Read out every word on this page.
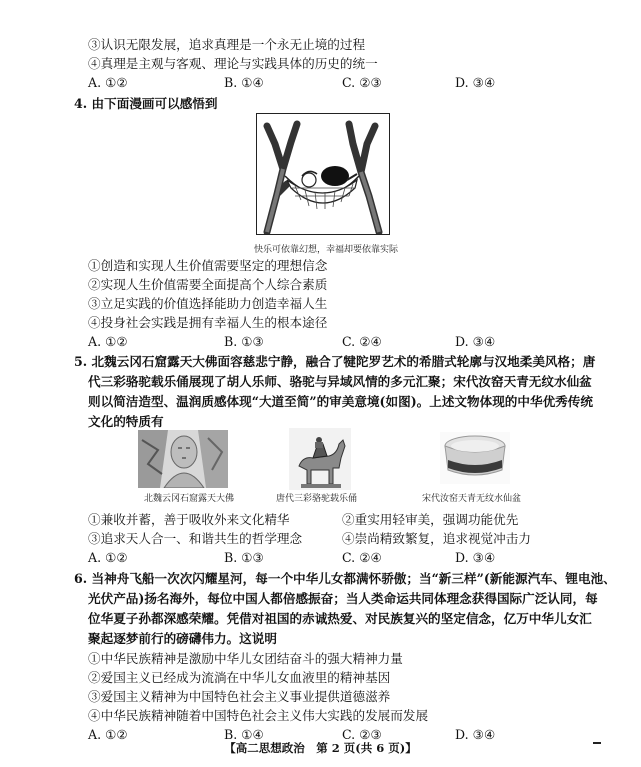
③认识无限发展，追求真理是一个永无止境的过程
④真理是主观与客观、理论与实践具体的历史的统一
A. ①②	B. ①④	C. ②③	D. ③④
4. 由下面漫画可以感悟到
快乐可依靠幻想，幸福却要依靠实际
①创造和实现人生价值需要坚定的理想信念
②实现人生价值需要全面提高个人综合素质
③立足实践的价值选择能助力创造幸福人生
④投身社会实践是拥有幸福人生的根本途径
A. ①②	B. ①③	C. ②④	D. ③④
5. 北魏云冈石窟露天大佛面容慈悲宁静，融合了犍陀罗艺术的希腊式轮廓与汉地柔美风格；唐
代三彩骆驼载乐俑展现了胡人乐师、骆驼与异域风情的多元汇聚；宋代汝窑天青无纹水仙盆
则以简洁造型、温润质感体现“大道至简”的审美意境(如图)。上述文物体现的中华优秀传统
文化的特质有
北魏云冈石窟露天大佛	唐代三彩骆驼载乐俑	宋代汝窑天青无纹水仙盆
①兼收并蓄，善于吸收外来文化精华	②重实用轻审美，强调功能优先
③追求天人合一、和谐共生的哲学理念	④崇尚精致繁复，追求视觉冲击力
A. ①②	B. ①③	C. ②④	D. ③④
6. 当神舟飞船一次次闪耀星河，每一个中华儿女都满怀骄傲；当“新三样”(新能源汽车、锂电池、
光伏产品)扬名海外，每位中国人都倍感振奋；当人类命运共同体理念获得国际广泛认同，每
位华夏子孙都深感荣耀。凭借对祖国的赤诚热爱、对民族复兴的坚定信念，亿万中华儿女汇
聚起逐梦前行的磅礴伟力。这说明
①中华民族精神是激励中华儿女团结奋斗的强大精神力量
②爱国主义已经成为流淌在中华儿女血液里的精神基因
③爱国主义精神为中国特色社会主义事业提供道德滋养
④中华民族精神随着中国特色社会主义伟大实践的发展而发展
A. ①②	B. ①④	C. ②③	D. ③④
【高二思想政治　第 2 页(共 6 页)】
